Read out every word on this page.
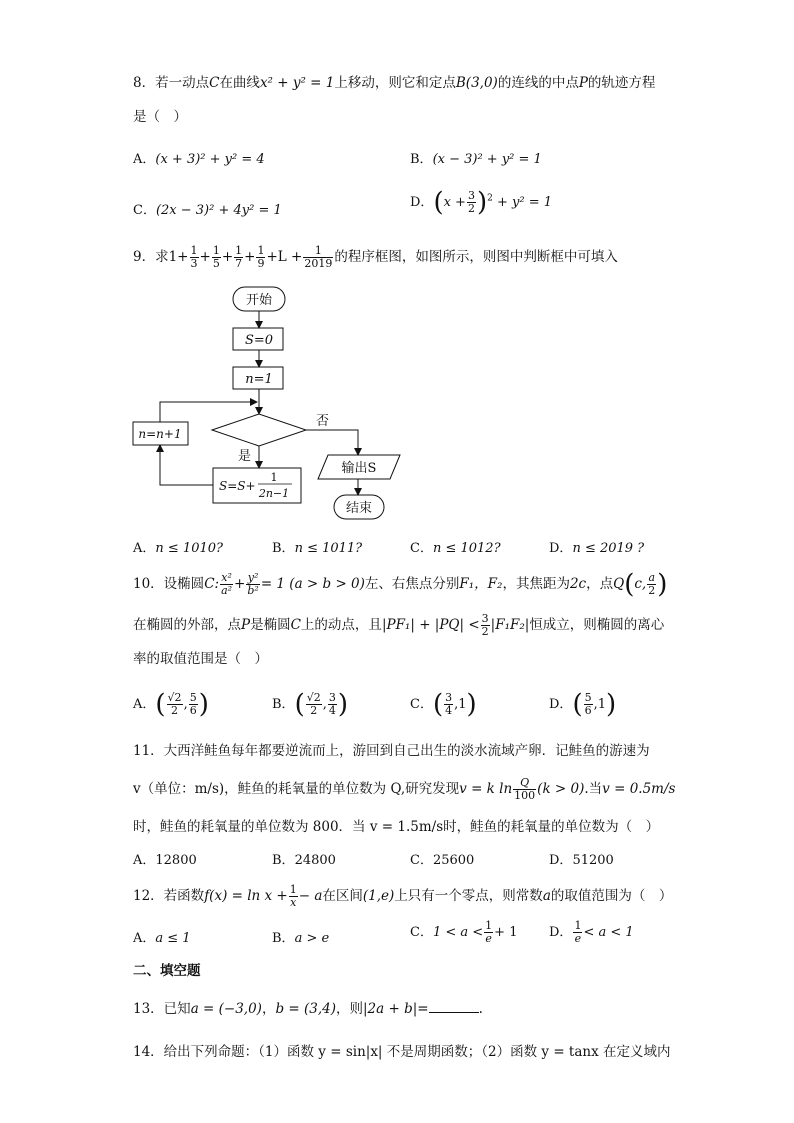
8．若一动点C在曲线x² + y² = 1上移动，则它和定点B(3,0)的连线的中点P的轨迹方程
是（　）
A．(x + 3)² + y² = 4	B．(x − 3)² + y² = 1
C．(2x − 3)² + 4y² = 1
D．$(x + \frac{3}{2} )^2 + y^2 = 1$
9．求$1+ \frac{1}{3} + \frac{1}{5} + \frac{1}{7} + \frac{1}{9} +L + \frac{1}{2019}$ 的程序框图，如图所示，则图中判断框中可填入
开始
S=0
n=1
否
是
n=n+1
S=S+
1
2n−1
输出S
结束
A．n ≤ 1010?	B．n ≤ 1011?	C．n ≤ 1012?	D．n ≤ 2019 ?
10．设椭圆C: $\frac{\text{x²}}{\text{a²}} + \frac{\text{y²}}{\text{b²}} = 1$ (a > b > 0)左、右焦点分别F₁，F₂，其焦距为2c，点Q(c, $\frac{a}{2}$ )
在椭圆的外部，点P是椭圆C上的动点，且$|PF_1| + |PQ| < \frac{3}{2} |F_1F_2|$恒成立，则椭圆的离心
率的取值范围是（　）
A．( $\frac{√2}{2}$ , $\frac{5}{6}$ )	B．( $\frac{√2}{2}$ , $\frac{3}{4}$ )	C．( $\frac{3}{4} ,1$)	D．( $\frac{5}{6} ,1$)
11．大西洋鲑鱼每年都要逆流而上，游回到自己出生的淡水流域产卵．记鲑鱼的游速为
v（单位：m/s)，鲑鱼的耗氧量的单位数为 Q,研究发现v = k $\ln \frac{Q}{100} (k > 0)$.当v = 0.5m/s
时，鲑鱼的耗氧量的单位数为 800．当 v = 1.5m/s时，鲑鱼的耗氧量的单位数为（　）
A．12800	B．24800	C．25600	D．51200
12．若函数$f(x) = \ln x + \frac{1}{x} - a$在区间(1,e)上只有一个零点，则常数a的取值范围为（　）
A．a ≤ 1	B．a > e	C．$1 < a < \frac{1}{e} + 1$ D． $\frac{1}{e} < a < 1$
二、填空题
13．已知a = (−3,0)，b = (3,4)，则|2a + b|=	.
14．给出下列命题：（1）函数 y = sin|x| 不是周期函数；（2）函数 y = tanx 在定义域内
